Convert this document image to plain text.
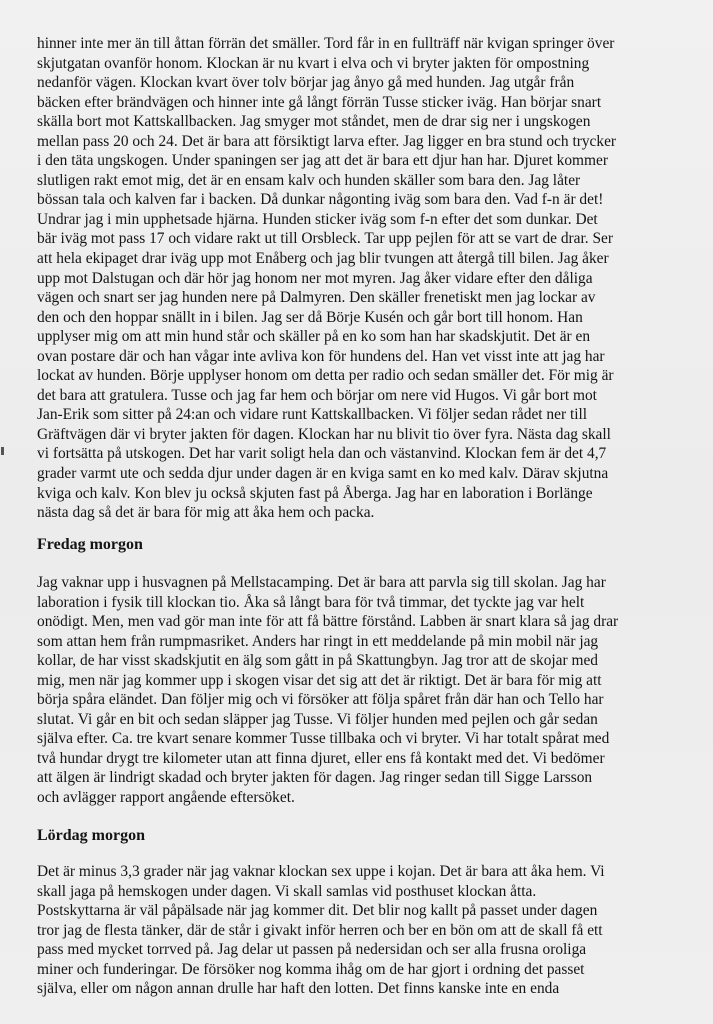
hinner inte mer än till åttan förrän det smäller. Tord får in en fullträff när kvigan springer över
skjutgatan ovanför honom. Klockan är nu kvart i elva och vi bryter jakten för ompostning
nedanför vägen. Klockan kvart över tolv börjar jag ånyo gå med hunden. Jag utgår från
bäcken efter brändvägen och hinner inte gå långt förrän Tusse sticker iväg. Han börjar snart
skälla bort mot Kattskallbacken. Jag smyger mot ståndet, men de drar sig ner i ungskogen
mellan pass 20 och 24. Det är bara att försiktigt larva efter. Jag ligger en bra stund och trycker
i den täta ungskogen. Under spaningen ser jag att det är bara ett djur han har. Djuret kommer
slutligen rakt emot mig, det är en ensam kalv och hunden skäller som bara den. Jag låter
bössan tala och kalven far i backen. Då dunkar någonting iväg som bara den. Vad f-n är det!
Undrar jag i min upphetsade hjärna. Hunden sticker iväg som f-n efter det som dunkar. Det
bär iväg mot pass 17 och vidare rakt ut till Orsbleck. Tar upp pejlen för att se vart de drar. Ser
att hela ekipaget drar iväg upp mot Enåberg och jag blir tvungen att återgå till bilen. Jag åker
upp mot Dalstugan och där hör jag honom ner mot myren. Jag åker vidare efter den dåliga
vägen och snart ser jag hunden nere på Dalmyren. Den skäller frenetiskt men jag lockar av
den och den hoppar snällt in i bilen. Jag ser då Börje Kusén och går bort till honom. Han
upplyser mig om att min hund står och skäller på en ko som han har skadskjutit. Det är en
ovan postare där och han vågar inte avliva kon för hundens del. Han vet visst inte att jag har
lockat av hunden. Börje upplyser honom om detta per radio och sedan smäller det. För mig är
det bara att gratulera. Tusse och jag far hem och börjar om nere vid Hugos. Vi går bort mot
Jan-Erik som sitter på 24:an och vidare runt Kattskallbacken. Vi följer sedan rådet ner till
Gräftvägen där vi bryter jakten för dagen. Klockan har nu blivit tio över fyra. Nästa dag skall
vi fortsätta på utskogen. Det har varit soligt hela dan och västanvind. Klockan fem är det 4,7
grader varmt ute och sedda djur under dagen är en kviga samt en ko med kalv. Därav skjutna
kviga och kalv. Kon blev ju också skjuten fast på Åberga. Jag har en laboration i Borlänge
nästa dag så det är bara för mig att åka hem och packa.
Fredag morgon
Jag vaknar upp i husvagnen på Mellstacamping. Det är bara att parvla sig till skolan. Jag har
laboration i fysik till klockan tio. Åka så långt bara för två timmar, det tyckte jag var helt
onödigt. Men, men vad gör man inte för att få bättre förstånd. Labben är snart klara så jag drar
som attan hem från rumpmasriket. Anders har ringt in ett meddelande på min mobil när jag
kollar, de har visst skadskjutit en älg som gått in på Skattungbyn. Jag tror att de skojar med
mig, men när jag kommer upp i skogen visar det sig att det är riktigt. Det är bara för mig att
börja spåra eländet. Dan följer mig och vi försöker att följa spåret från där han och Tello har
slutat. Vi går en bit och sedan släpper jag Tusse. Vi följer hunden med pejlen och går sedan
själva efter. Ca. tre kvart senare kommer Tusse tillbaka och vi bryter. Vi har totalt spårat med
två hundar drygt tre kilometer utan att finna djuret, eller ens få kontakt med det. Vi bedömer
att älgen är lindrigt skadad och bryter jakten för dagen. Jag ringer sedan till Sigge Larsson
och avlägger rapport angående eftersöket.
Lördag morgon
Det är minus 3,3 grader när jag vaknar klockan sex uppe i kojan. Det är bara att åka hem. Vi
skall jaga på hemskogen under dagen. Vi skall samlas vid posthuset klockan åtta.
Postskyttarna är väl påpälsade när jag kommer dit. Det blir nog kallt på passet under dagen
tror jag de flesta tänker, där de står i givakt inför herren och ber en bön om att de skall få ett
pass med mycket torrved på. Jag delar ut passen på nedersidan och ser alla frusna oroliga
miner och funderingar. De försöker nog komma ihåg om de har gjort i ordning det passet
själva, eller om någon annan drulle har haft den lotten. Det finns kanske inte en enda
